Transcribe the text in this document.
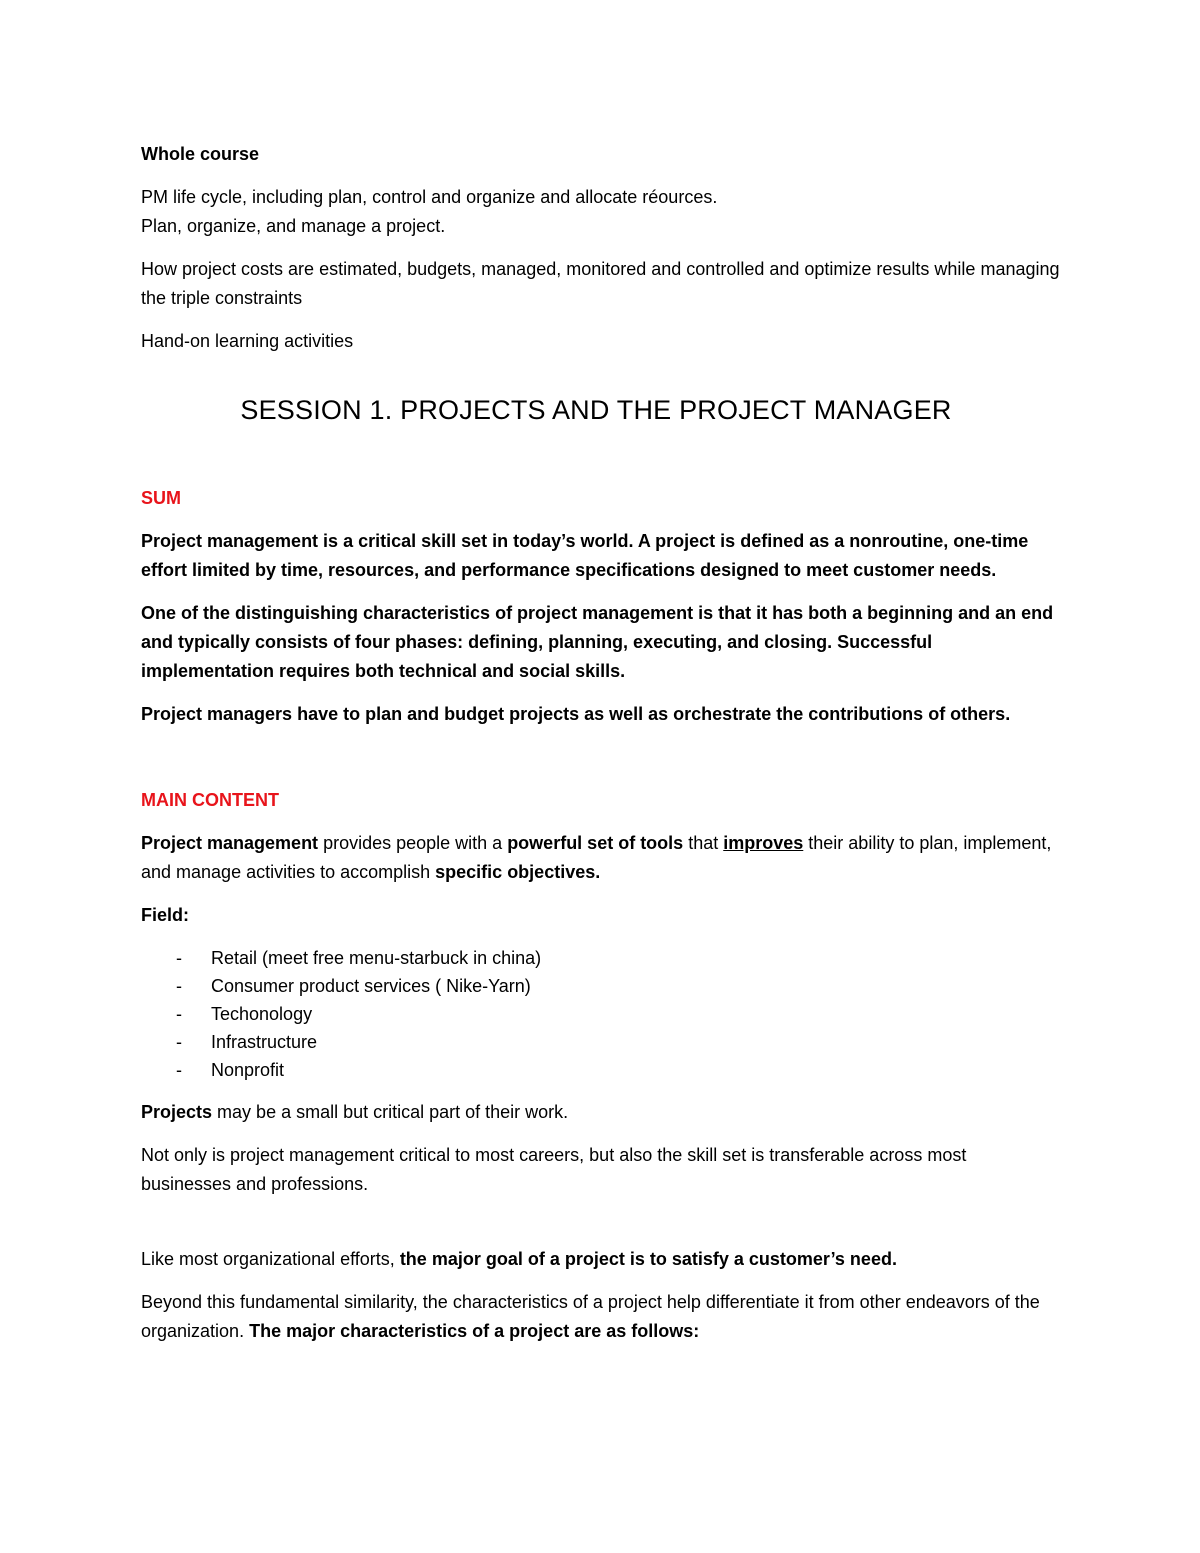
Whole course

PM life cycle, including plan, control and organize and allocate réources.

Plan, organize, and manage a project.

How project costs are estimated, budgets, managed, monitored and controlled and optimize results while managing the triple constraints

Hand-on learning activities

SESSION 1. PROJECTS AND THE PROJECT MANAGER

SUM

Project management is a critical skill set in today’s world. A project is defined as a nonroutine, one-time effort limited by time, resources, and performance specifications designed to meet customer needs.

One of the distinguishing characteristics of project management is that it has both a beginning and an end and typically consists of four phases: defining, planning, executing, and closing. Successful implementation requires both technical and social skills.

Project managers have to plan and budget projects as well as orchestrate the contributions of others.

MAIN CONTENT

Project management provides people with a powerful set of tools that improves their ability to plan, implement, and manage activities to accomplish specific objectives.

Field:

- Retail (meet free menu-starbuck in china)
- Consumer product services ( Nike-Yarn)
- Techonology
- Infrastructure
- Nonprofit

Projects may be a small but critical part of their work.

Not only is project management critical to most careers, but also the skill set is transferable across most businesses and professions.

Like most organizational efforts, the major goal of a project is to satisfy a customer’s need.

Beyond this fundamental similarity, the characteristics of a project help differentiate it from other endeavors of the organization. The major characteristics of a project are as follows:
